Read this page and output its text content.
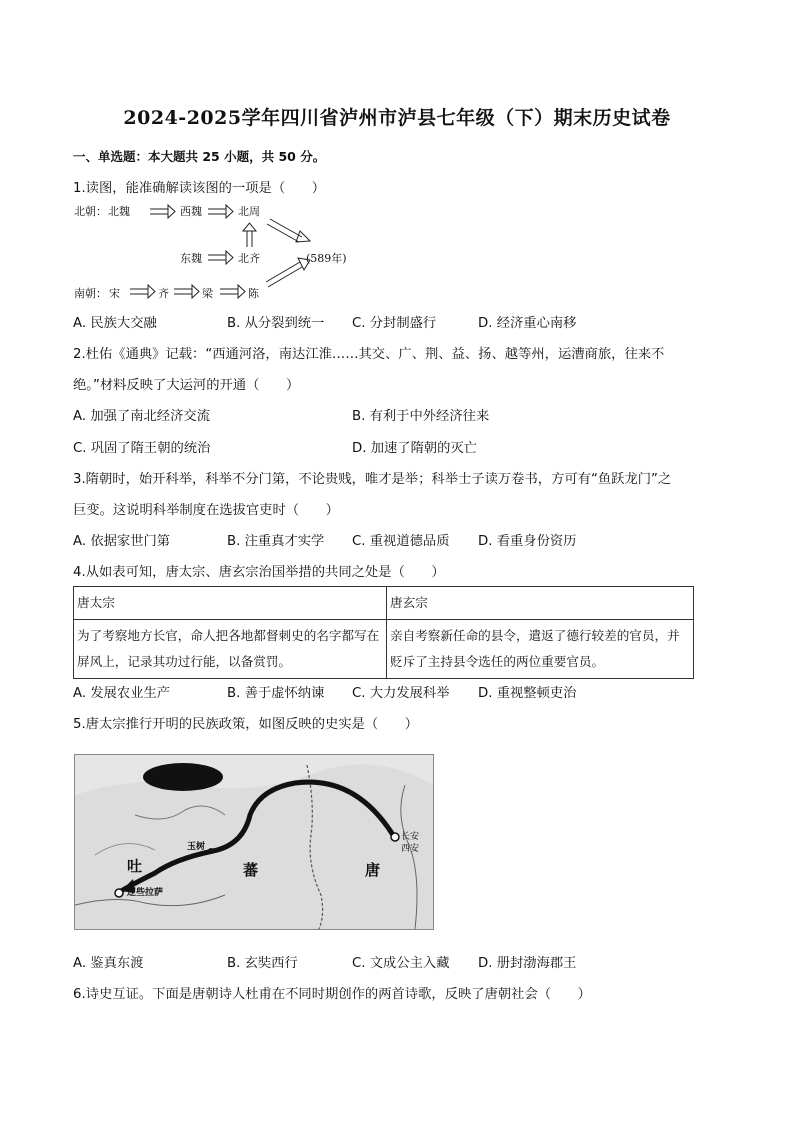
2024-2025学年四川省泸州市泸县七年级（下）期末历史试卷
一、单选题：本大题共 25 小题，共 50 分。
1.读图，能准确解读该图的一项是（　　）
北朝： 北魏	西魏	北周
东魏	北齐	(589年)
南朝： 宋	齐	梁	陈
A. 民族大交融	B. 从分裂到统一 C. 分封制盛行	D. 经济重心南移
2.杜佑《通典》记载：“西通河洛，南达江淮……其交、广、荆、益、扬、越等州，运漕商旅，往来不
绝。”材料反映了大运河的开通（　　）
A. 加强了南北经济交流	B. 有利于中外经济往来
C. 巩固了隋王朝的统治	D. 加速了隋朝的灭亡
3.隋朝时，始开科举，科举不分门第，不论贵贱，唯才是举；科举士子读万卷书，方可有“鱼跃龙门”之
巨变。这说明科举制度在选拔官吏时（　　）
A. 依据家世门第	B. 注重真才实学 C. 重视道德品质 D. 看重身份资历
4.从如表可知，唐太宗、唐玄宗治国举措的共同之处是（　　）
唐太宗	唐玄宗
为了考察地方长官，命人把各地都督刺史的名字都写在屏风上，记录其功过行能，以备赏罚。	亲自考察新任命的县令，遣返了德行较差的官员，并贬斥了主持县令选任的两位重要官员。
A. 发展农业生产	B. 善于虚怀纳谏 C. 大力发展科举 D. 重视整顿吏治
5.唐太宗推行开明的民族政策，如图反映的史实是（　　）
吐	蕃	唐
长安
西安
玉树
逻些拉萨
A. 鉴真东渡	B. 玄奘西行	C. 文成公主入藏 D. 册封渤海郡王
6.诗史互证。下面是唐朝诗人杜甫在不同时期创作的两首诗歌，反映了唐朝社会（　　）
